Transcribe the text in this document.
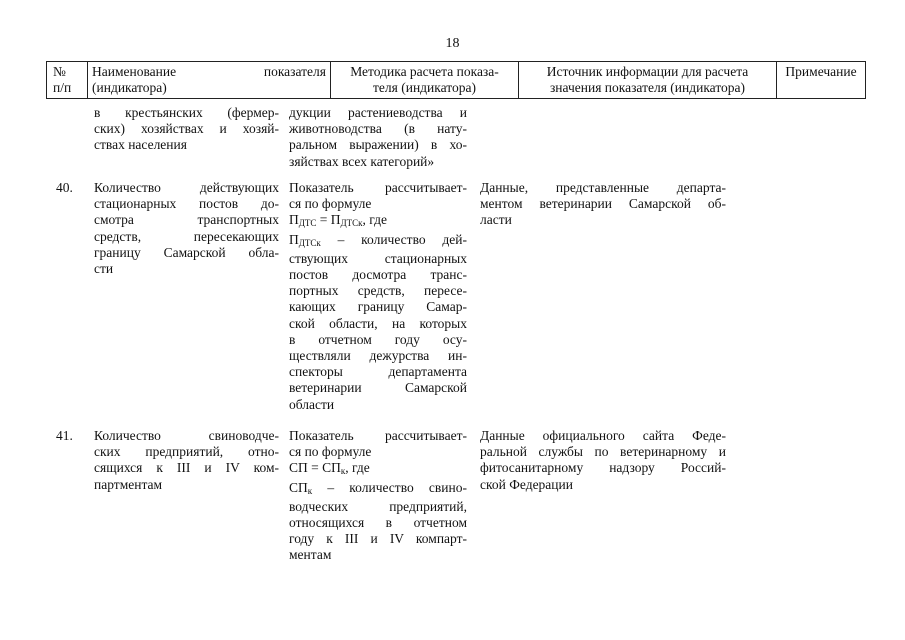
18
№
п/п
Наименование показателя
(индикатора)
Методика расчета показа-
теля (индикатора)
Источник информации для расчета
значения показателя (индикатора)
Примечание
в крестьянских (фермер-
ских) хозяйствах и хозяй-
ствах населения
дукции растениеводства и
животноводства (в нату-
ральном выражении) в хо-
зяйствах всех категорий»
40.	Количество действующих
стационарных постов до-
смотра транспортных
средств, пересекающих
границу Самарской обла-
сти
Показатель рассчитывает-
ся по формуле
$П_{ДТС} = П_{ДТСк}$, где
$П_{ДТСк}$ – количество дей-
ствующих стационарных
постов досмотра транс-
портных средств, пересе-
кающих границу Самар-
ской области, на которых
в отчетном году осу-
ществляли дежурства ин-
спекторы департамента
ветеринарии Самарской
области
Данные, представленные департа-
ментом ветеринарии Самарской об-
ласти
41.	Количество свиноводче-
ских предприятий, отно-
сящихся к III и IV ком-
партментам
Показатель рассчитывает-
ся по формуле
СП = $СП_к$, где
$СП_к$ – количество свино-
водческих предприятий,
относящихся в отчетном
году к III и IV компарт-
ментам
Данные официального сайта Феде-
ральной службы по ветеринарному и
фитосанитарному надзору Россий-
ской Федерации
